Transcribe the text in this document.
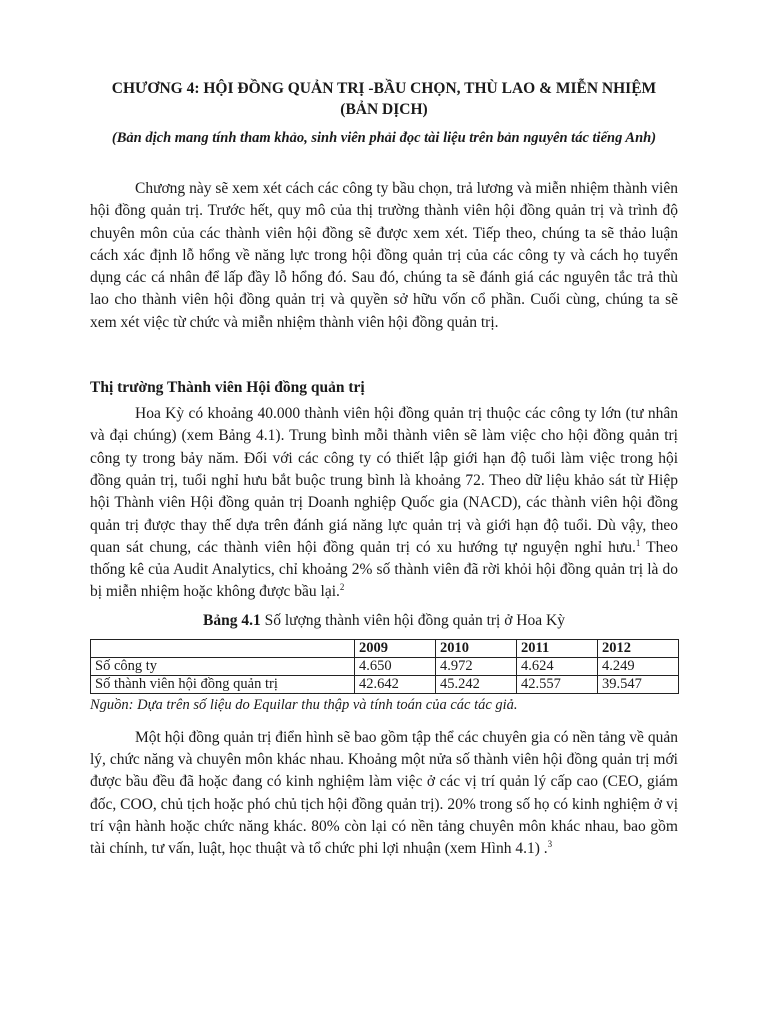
CHƯƠNG 4: HỘI ĐỒNG QUẢN TRỊ -BẦU CHỌN, THÙ LAO & MIỄN NHIỆM
(BẢN DỊCH)

(Bản dịch mang tính tham khảo, sinh viên phải đọc tài liệu trên bản nguyên tác tiếng Anh)

Chương này sẽ xem xét cách các công ty bầu chọn, trả lương và miễn nhiệm thành viên hội đồng quản trị. Trước hết, quy mô của thị trường thành viên hội đồng quản trị và trình độ chuyên môn của các thành viên hội đồng sẽ được xem xét. Tiếp theo, chúng ta sẽ thảo luận cách xác định lỗ hổng về năng lực trong hội đồng quản trị của các công ty và cách họ tuyển dụng các cá nhân để lấp đầy lỗ hổng đó. Sau đó, chúng ta sẽ đánh giá các nguyên tắc trả thù lao cho thành viên hội đồng quản trị và quyền sở hữu vốn cổ phần. Cuối cùng, chúng ta sẽ xem xét việc từ chức và miễn nhiệm thành viên hội đồng quản trị.

Thị trường Thành viên Hội đồng quản trị

Hoa Kỳ có khoảng 40.000 thành viên hội đồng quản trị thuộc các công ty lớn (tư nhân và đại chúng) (xem Bảng 4.1). Trung bình mỗi thành viên sẽ làm việc cho hội đồng quản trị công ty trong bảy năm. Đối với các công ty có thiết lập giới hạn độ tuổi làm việc trong hội đồng quản trị, tuổi nghỉ hưu bắt buộc trung bình là khoảng 72. Theo dữ liệu khảo sát từ Hiệp hội Thành viên Hội đồng quản trị Doanh nghiệp Quốc gia (NACD), các thành viên hội đồng quản trị được thay thế dựa trên đánh giá năng lực quản trị và giới hạn độ tuổi. Dù vậy, theo quan sát chung, các thành viên hội đồng quản trị có xu hướng tự nguyện nghỉ hưu.$^1$ Theo thống kê của Audit Analytics, chỉ khoảng 2% số thành viên đã rời khỏi hội đồng quản trị là do bị miễn nhiệm hoặc không được bầu lại.$^2$

Bảng 4.1 Số lượng thành viên hội đồng quản trị ở Hoa Kỳ

	2009	2010	2011	2012
Số công ty	4.650	4.972	4.624	4.249
Số thành viên hội đồng quản trị	42.642	45.242	42.557	39.547

Nguồn: Dựa trên số liệu do Equilar thu thập và tính toán của các tác giả.

Một hội đồng quản trị điển hình sẽ bao gồm tập thể các chuyên gia có nền tảng về quản lý, chức năng và chuyên môn khác nhau. Khoảng một nửa số thành viên hội đồng quản trị mới được bầu đều đã hoặc đang có kinh nghiệm làm việc ở các vị trí quản lý cấp cao (CEO, giám đốc, COO, chủ tịch hoặc phó chủ tịch hội đồng quản trị). 20% trong số họ có kinh nghiệm ở vị trí vận hành hoặc chức năng khác. 80% còn lại có nền tảng chuyên môn khác nhau, bao gồm tài chính, tư vấn, luật, học thuật và tổ chức phi lợi nhuận (xem Hình 4.1) .$^3$
